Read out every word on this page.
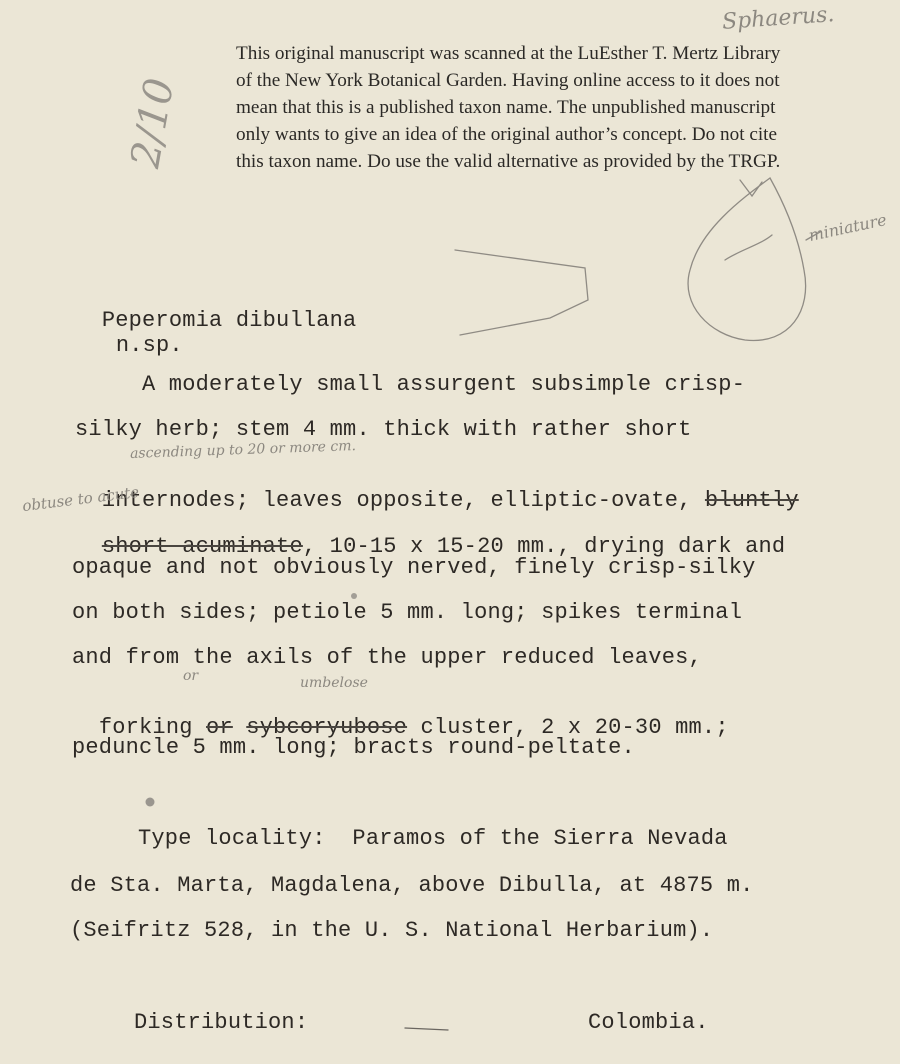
This original manuscript was scanned at the LuEsther T. Mertz Library
of the New York Botanical Garden. Having online access to it does not
mean that this is a published taxon name. The unpublished manuscript
only wants to give an idea of the original author’s concept. Do not cite
this taxon name. Do use the valid alternative as provided by the TRGP.
Sphaerus.
2/10
miniature

Peperomia dibullana
n.sp.

A moderately small assurgent subsimple crisp-
silky herb; stem 4 mm. thick with rather short
ascending up to 20 or more cm.

internodes; leaves opposite, elliptic-ovate, bluntly

obtuse to acute

short-acuminate, 10-15 x 15-20 mm., drying dark and

opaque and not obviously nerved, finely crisp-silky
on both sides; petiole 5 mm. long; spikes terminal
and from the axils of the upper reduced leaves,
or	umbelose

forking or sybcoryubose cluster, 2 x 20-30 mm.;

peduncle 5 mm. long; bracts round-peltate.
Type locality:  Paramos of the Sierra Nevada
de Sta. Marta, Magdalena, above Dibulla, at 4875 m.
(Seifritz 528, in the U. S. National Herbarium).
Distribution:	Colombia.
